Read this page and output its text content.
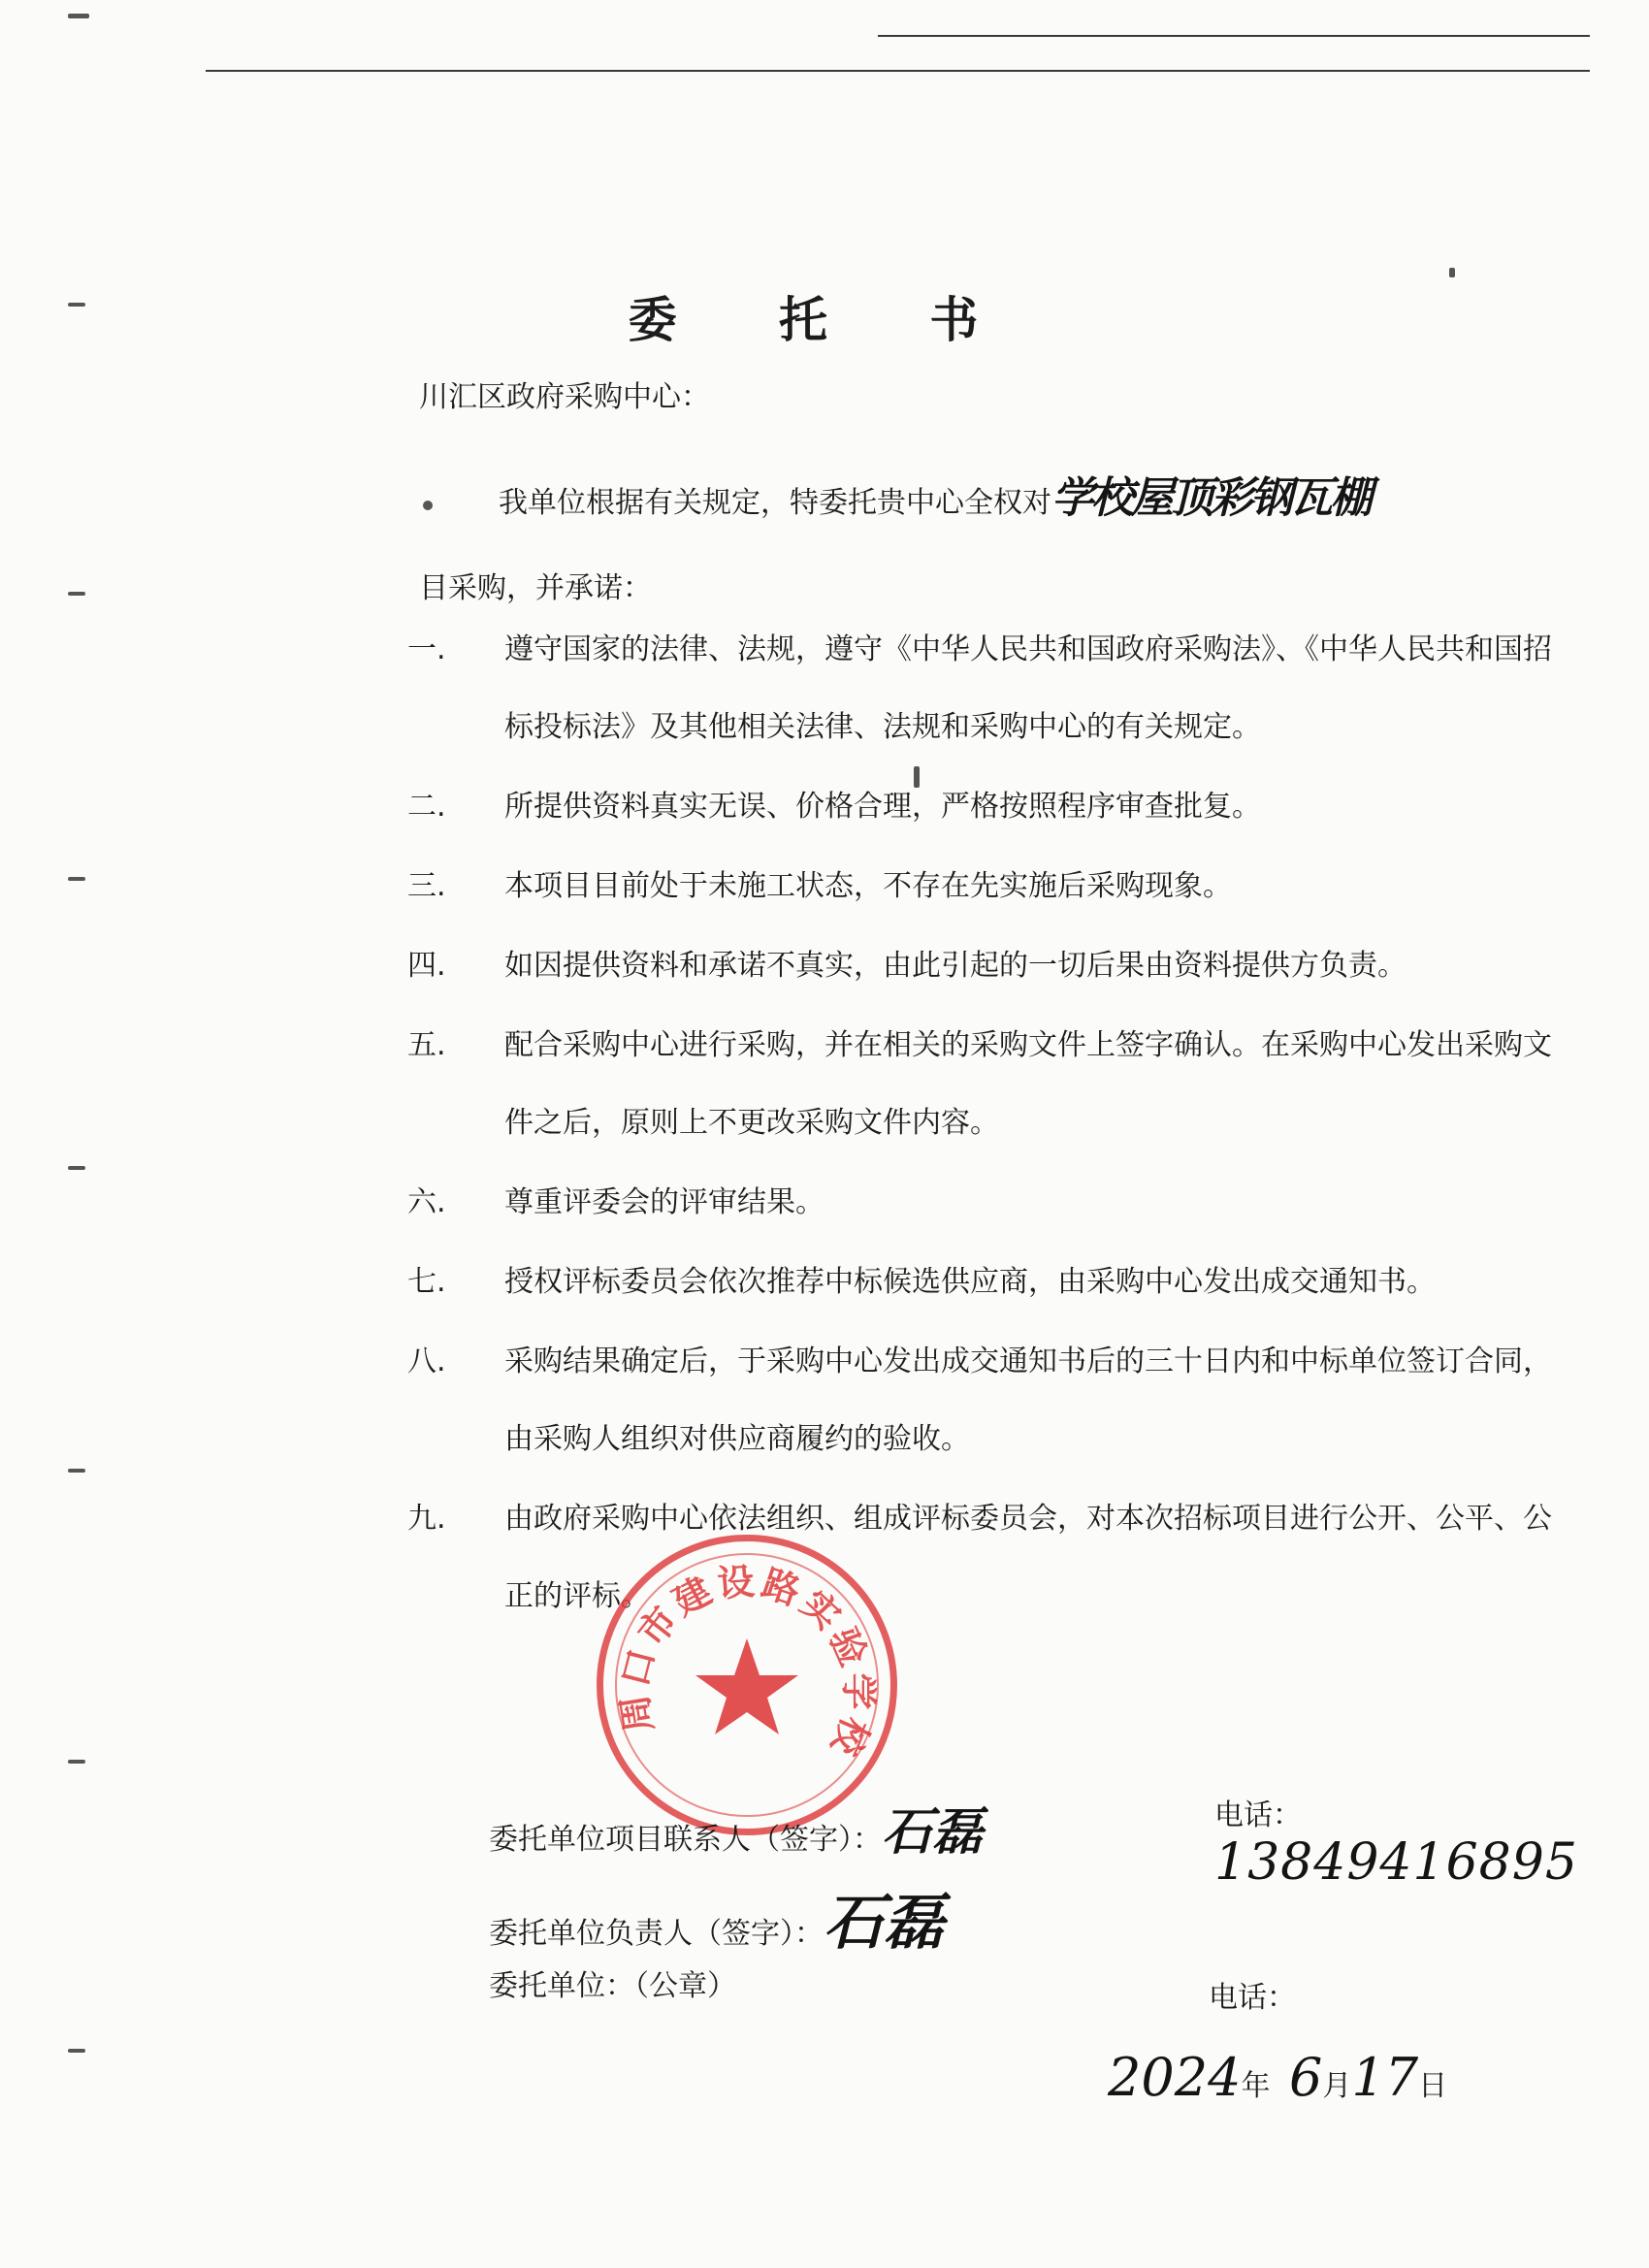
委 托 书
川汇区政府采购中心：
我单位根据有关规定，特委托贵中心全权对学校屋顶彩钢瓦棚
目采购，并承诺：
一. 遵守国家的法律、法规，遵守《中华人民共和国政府采购法》、《中华人民共和国招标投标法》及其他相关法律、法规和采购中心的有关规定。
二. 所提供资料真实无误、价格合理，严格按照程序审查批复。
三. 本项目目前处于未施工状态，不存在先实施后采购现象。
四. 如因提供资料和承诺不真实，由此引起的一切后果由资料提供方负责。
五. 配合采购中心进行采购，并在相关的采购文件上签字确认。在采购中心发出采购文件之后，原则上不更改采购文件内容。
六. 尊重评委会的评审结果。
七. 授权评标委员会依次推荐中标候选供应商，由采购中心发出成交通知书。
八. 采购结果确定后，于采购中心发出成交通知书后的三十日内和中标单位签订合同，由采购人组织对供应商履约的验收。
九. 由政府采购中心依法组织、组成评标委员会，对本次招标项目进行公开、公平、公正的评标。
周口市建设路实验学校
委托单位项目联系人（签字）：石磊	电话：13849416895
委托单位负责人（签字）：石磊
委托单位：（公章）	电话：
2024年 6月17日
